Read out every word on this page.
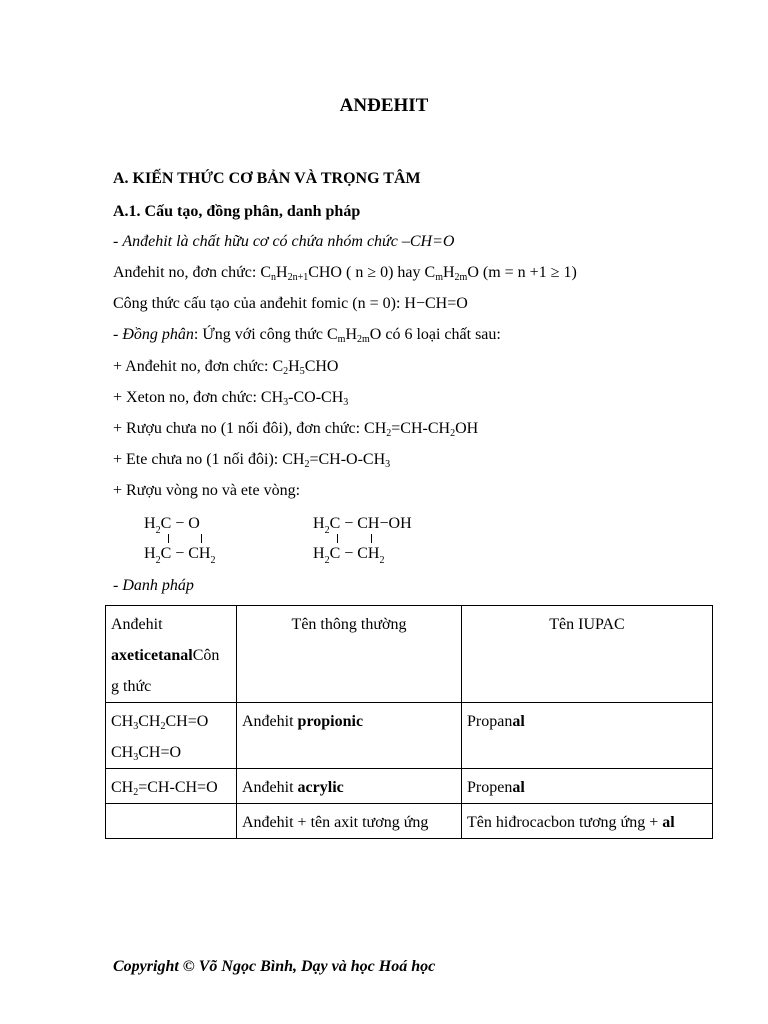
ANĐEHIT
A. KIẾN THỨC CƠ BẢN VÀ TRỌNG TÂM
A.1. Cấu tạo, đồng phân, danh pháp
- Anđehit là chất hữu cơ có chứa nhóm chức –CH=O
Anđehit no, đơn chức: $C_nH_{2n+1}CHO$ ( n ≥ 0) hay $C_mH_{2m}O$ (m = n +1 ≥ 1)
Công thức cấu tạo của anđehit fomic (n = 0): H−CH=O
- Đồng phân: Ứng với công thức $C_mH_{2m}O$ có 6 loại chất sau:
+ Anđehit no, đơn chức: $C_2H_5CHO$
+ Xeton no, đơn chức: $CH_3-CO-CH_3$
+ Rượu chưa no (1 nối đôi), đơn chức: $CH_2=CH-CH_2OH$
+ Ete chưa no (1 nối đôi): $CH_2=CH-O-CH_3$
+ Rượu vòng no và ete vòng:
$H_2C - O$
$H_2C - CH_2$
$H_2C - CH-OH$
$H_2C - CH_2$
- Danh pháp
Anđehit
axeticetanalCôn
g thức	Tên thông thường	Tên IUPAC
$CH_3CH_2CH=O$
$CH_3CH=O$	Anđehit propionic	Propanal
$CH_2=CH-CH=O$	Anđehit acrylic	Propenal
	Anđehit + tên axit tương ứng	Tên hiđrocacbon tương ứng + al
Copyright © Võ Ngọc Bình, Dạy và học Hoá học
